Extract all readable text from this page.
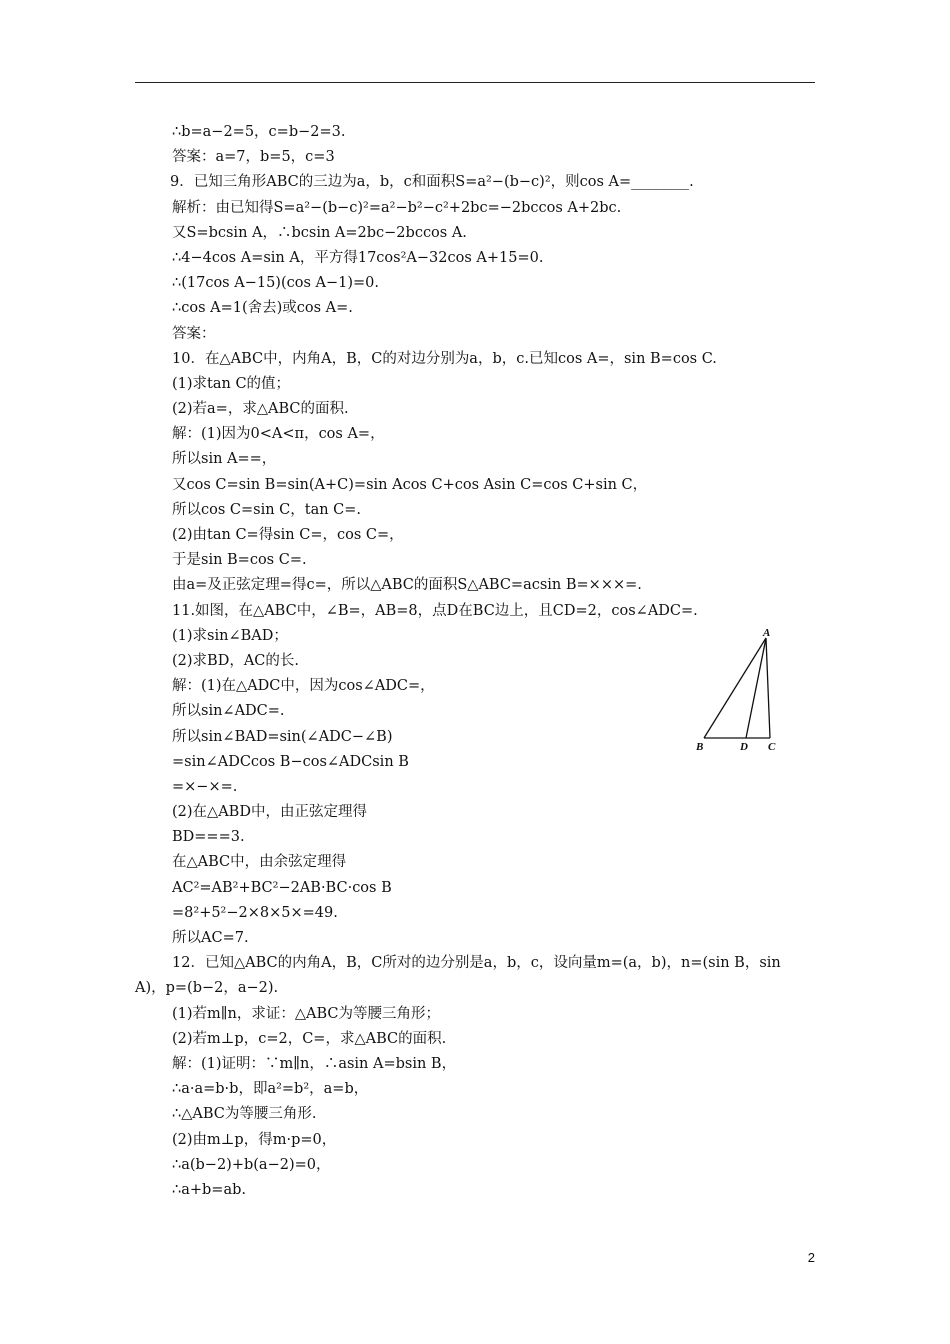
∴b=a−2=5，c=b−2=3.
答案：a=7，b=5，c=3
9．已知三角形ABC的三边为a，b，c和面积S=a²−(b−c)²，则cos A=________.
解析：由已知得S=a²−(b−c)²=a²−b²−c²+2bc=−2bccos A+2bc.
又S=bcsin A，∴bcsin A=2bc−2bccos A.
∴4−4cos A=sin A，平方得17cos²A−32cos A+15=0.
∴(17cos A−15)(cos A−1)=0.
∴cos A=1(舍去)或cos A=.
答案：
10．在△ABC中，内角A，B，C的对边分别为a，b，c.已知cos A=，sin B=cos C.
(1)求tan C的值；
(2)若a=，求△ABC的面积.
解：(1)因为0<A<π，cos A=，
所以sin A==，
又cos C=sin B=sin(A+C)=sin Acos C+cos Asin C=cos C+sin C，
所以cos C=sin C，tan C=.
(2)由tan C=得sin C=，cos C=，
于是sin B=cos C=.
由a=及正弦定理=得c=，所以△ABC的面积S△ABC=acsin B=×××=.
11.如图，在△ABC中，∠B=，AB=8，点D在BC边上，且CD=2，cos∠ADC=.
(1)求sin∠BAD；
(2)求BD，AC的长.
解：(1)在△ADC中，因为cos∠ADC=，
所以sin∠ADC=.
所以sin∠BAD=sin(∠ADC−∠B)
=sin∠ADCcos B−cos∠ADCsin B
=×−×=.
(2)在△ABD中，由正弦定理得
BD===3.
在△ABC中，由余弦定理得
AC²=AB²+BC²−2AB·BC·cos B
=8²+5²−2×8×5×=49.
所以AC=7.
12．已知△ABC的内角A，B，C所对的边分别是a，b，c，设向量m=(a，b)，n=(sin B，sin
A)，p=(b−2，a−2).
(1)若m∥n，求证：△ABC为等腰三角形；
(2)若m⊥p，c=2，C=，求△ABC的面积.
解：(1)证明：∵m∥n，∴asin A=bsin B，
∴a·a=b·b，即a²=b²，a=b，
∴△ABC为等腰三角形.
(2)由m⊥p，得m·p=0，
∴a(b−2)+b(a−2)=0，
∴a+b=ab.
A
B	D C
2
